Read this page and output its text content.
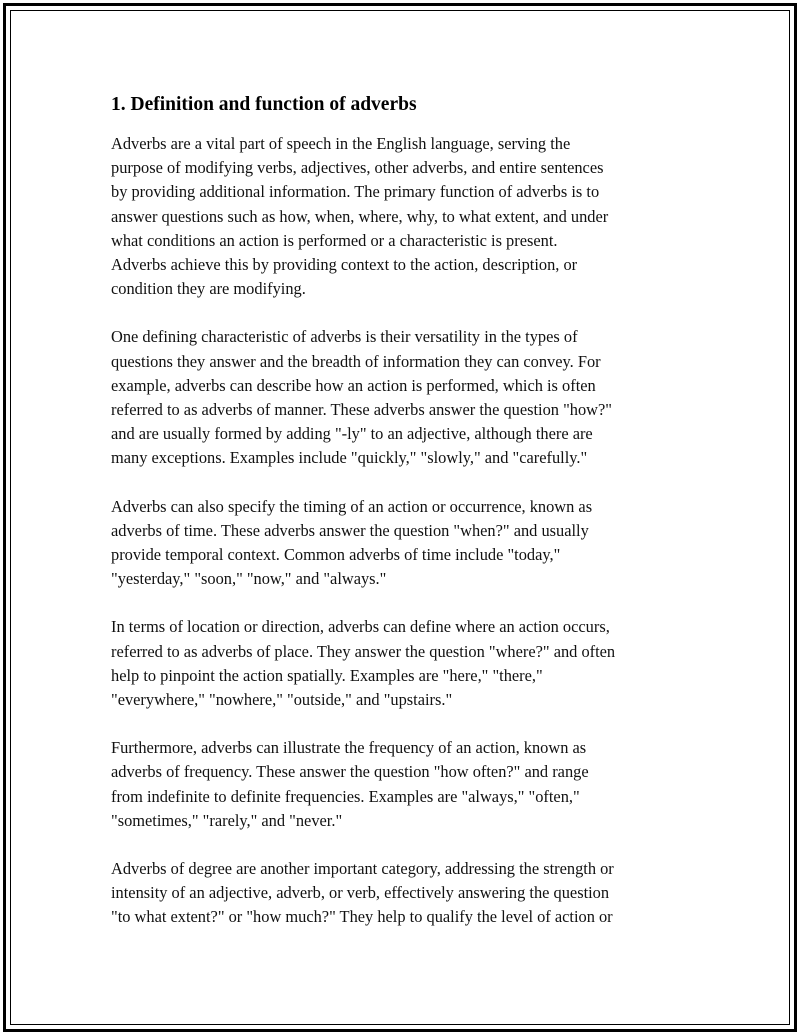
1. Definition and function of adverbs

Adverbs are a vital part of speech in the English language, serving the
purpose of modifying verbs, adjectives, other adverbs, and entire sentences
by providing additional information. The primary function of adverbs is to
answer questions such as how, when, where, why, to what extent, and under
what conditions an action is performed or a characteristic is present.
Adverbs achieve this by providing context to the action, description, or
condition they are modifying.

One defining characteristic of adverbs is their versatility in the types of
questions they answer and the breadth of information they can convey. For
example, adverbs can describe how an action is performed, which is often
referred to as adverbs of manner. These adverbs answer the question "how?"
and are usually formed by adding "-ly" to an adjective, although there are
many exceptions. Examples include "quickly," "slowly," and "carefully."

Adverbs can also specify the timing of an action or occurrence, known as
adverbs of time. These adverbs answer the question "when?" and usually
provide temporal context. Common adverbs of time include "today,"
"yesterday," "soon," "now," and "always."

In terms of location or direction, adverbs can define where an action occurs,
referred to as adverbs of place. They answer the question "where?" and often
help to pinpoint the action spatially. Examples are "here," "there,"
"everywhere," "nowhere," "outside," and "upstairs."

Furthermore, adverbs can illustrate the frequency of an action, known as
adverbs of frequency. These answer the question "how often?" and range
from indefinite to definite frequencies. Examples are "always," "often,"
"sometimes," "rarely," and "never."

Adverbs of degree are another important category, addressing the strength or
intensity of an adjective, adverb, or verb, effectively answering the question
"to what extent?" or "how much?" They help to qualify the level of action or
